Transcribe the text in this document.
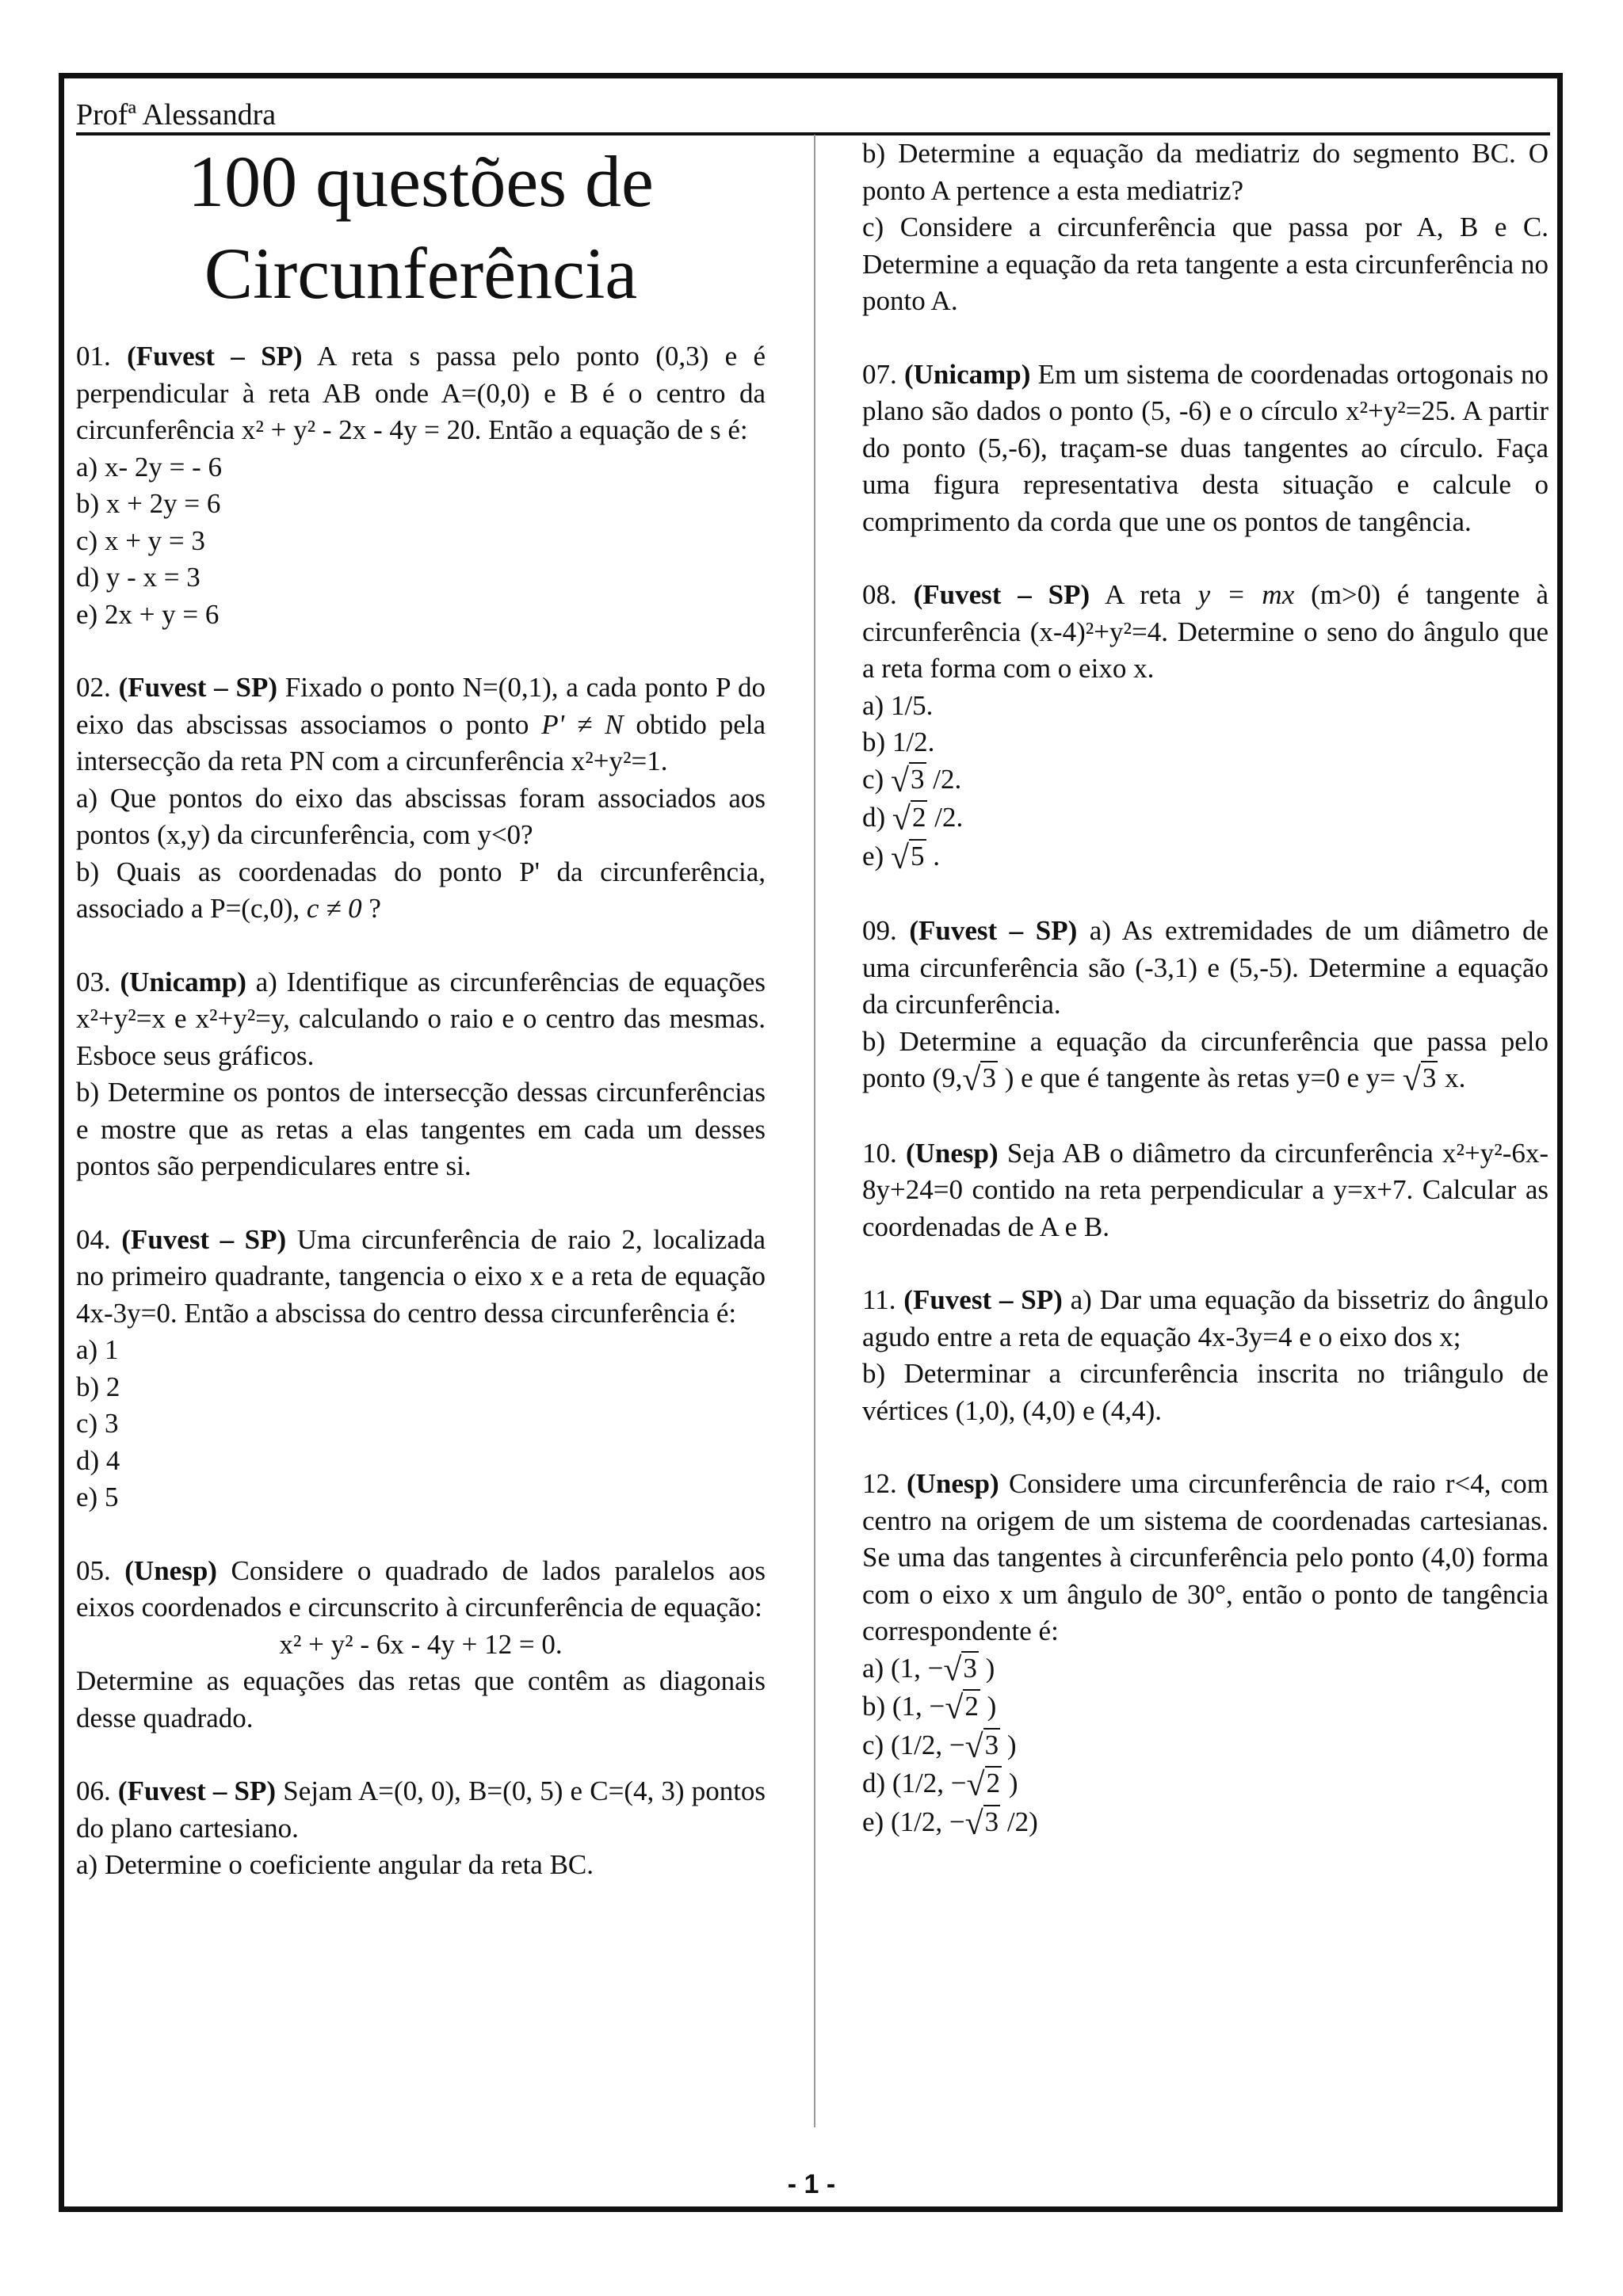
Profª Alessandra
100 questões de
Circunferência

01. (Fuvest – SP) A reta s passa pelo ponto (0,3) e é perpendicular à reta AB onde A=(0,0) e B é o centro da circunferência x² + y² - 2x - 4y = 20. Então a equação de s é:

a) x- 2y = - 6

b) x + 2y = 6

c) x + y = 3

d) y - x = 3

e) 2x + y = 6

02. (Fuvest – SP) Fixado o ponto N=(0,1), a cada ponto P do eixo das abscissas associamos o ponto P' ≠ N obtido pela intersecção da reta PN com a circunferência x²+y²=1.

a) Que pontos do eixo das abscissas foram associados aos pontos (x,y) da circunferência, com y<0?

b) Quais as coordenadas do ponto P' da circunferência, associado a P=(c,0), c ≠ 0 ?

03. (Unicamp) a) Identifique as circunferências de equações x²+y²=x e x²+y²=y, calculando o raio e o centro das mesmas. Esboce seus gráficos.

b) Determine os pontos de intersecção dessas circunferências e mostre que as retas a elas tangentes em cada um desses pontos são perpendiculares entre si.

04. (Fuvest – SP) Uma circunferência de raio 2, localizada no primeiro quadrante, tangencia o eixo x e a reta de equação 4x-3y=0. Então a abscissa do centro dessa circunferência é:

a) 1

b) 2

c) 3

d) 4

e) 5

05. (Unesp) Considere o quadrado de lados paralelos aos eixos coordenados e circunscrito à circunferência de equação:

x² + y² - 6x - 4y + 12 = 0.

Determine as equações das retas que contêm as diagonais desse quadrado.

06. (Fuvest – SP) Sejam A=(0, 0), B=(0, 5) e C=(4, 3) pontos do plano cartesiano.

a) Determine o coeficiente angular da reta BC.

b) Determine a equação da mediatriz do segmento BC. O ponto A pertence a esta mediatriz?

c) Considere a circunferência que passa por A, B e C. Determine a equação da reta tangente a esta circunferência no ponto A.

07. (Unicamp) Em um sistema de coordenadas ortogonais no plano são dados o ponto (5, -6) e o círculo x²+y²=25. A partir do ponto (5,-6), traçam-se duas tangentes ao círculo. Faça uma figura representativa desta situação e calcule o comprimento da corda que une os pontos de tangência.

08. (Fuvest – SP) A reta y = mx (m>0) é tangente à circunferência (x-4)²+y²=4. Determine o seno do ângulo que a reta forma com o eixo x.

a) 1/5.

b) 1/2.

c) √3 /2.

d) √2 /2.

e) √5 .

09. (Fuvest – SP) a) As extremidades de um diâmetro de uma circunferência são (-3,1) e (5,-5). Determine a equação da circunferência.

b) Determine a equação da circunferência que passa pelo ponto (9,√3 ) e que é tangente às retas y=0 e y= √3 x.

10. (Unesp) Seja AB o diâmetro da circunferência x²+y²-6x-8y+24=0 contido na reta perpendicular a y=x+7. Calcular as coordenadas de A e B.

11. (Fuvest – SP) a) Dar uma equação da bissetriz do ângulo agudo entre a reta de equação 4x-3y=4 e o eixo dos x;

b) Determinar a circunferência inscrita no triângulo de vértices (1,0), (4,0) e (4,4).

12. (Unesp) Considere uma circunferência de raio r<4, com centro na origem de um sistema de coordenadas cartesianas. Se uma das tangentes à circunferência pelo ponto (4,0) forma com o eixo x um ângulo de 30°, então o ponto de tangência correspondente é:

a) (1, −√3 )

b) (1, −√2 )

c) (1/2, −√3 )

d) (1/2, −√2 )

e) (1/2, −√3 /2)

- 1 -
